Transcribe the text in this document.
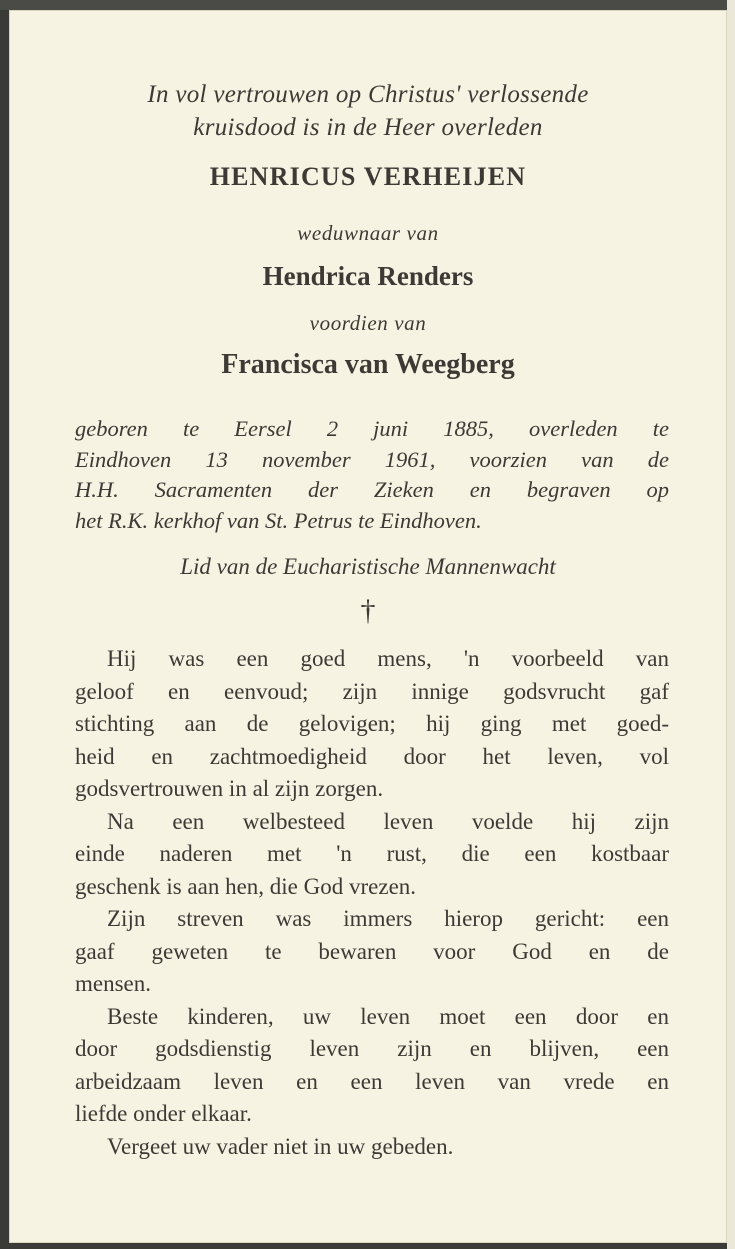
In vol vertrouwen op Christus' verlossende
kruisdood is in de Heer overleden
HENRICUS VERHEIJEN
weduwnaar van
Hendrica Renders
voordien van
Francisca van Weegberg
geboren te Eersel 2 juni 1885, overleden te
Eindhoven 13 november 1961, voorzien van de
H.H. Sacramenten der Zieken en begraven op
het R.K. kerkhof van St. Petrus te Eindhoven.
Lid van de Eucharistische Mannenwacht
†
Hij was een goed mens, 'n voorbeeld van
geloof en eenvoud; zijn innige godsvrucht gaf
stichting aan de gelovigen; hij ging met goed-
heid en zachtmoedigheid door het leven, vol
godsvertrouwen in al zijn zorgen.
Na een welbesteed leven voelde hij zijn
einde naderen met 'n rust, die een kostbaar
geschenk is aan hen, die God vrezen.
Zijn streven was immers hierop gericht: een
gaaf geweten te bewaren voor God en de
mensen.
Beste kinderen, uw leven moet een door en
door godsdienstig leven zijn en blijven, een
arbeidzaam leven en een leven van vrede en
liefde onder elkaar.
Vergeet uw vader niet in uw gebeden.
